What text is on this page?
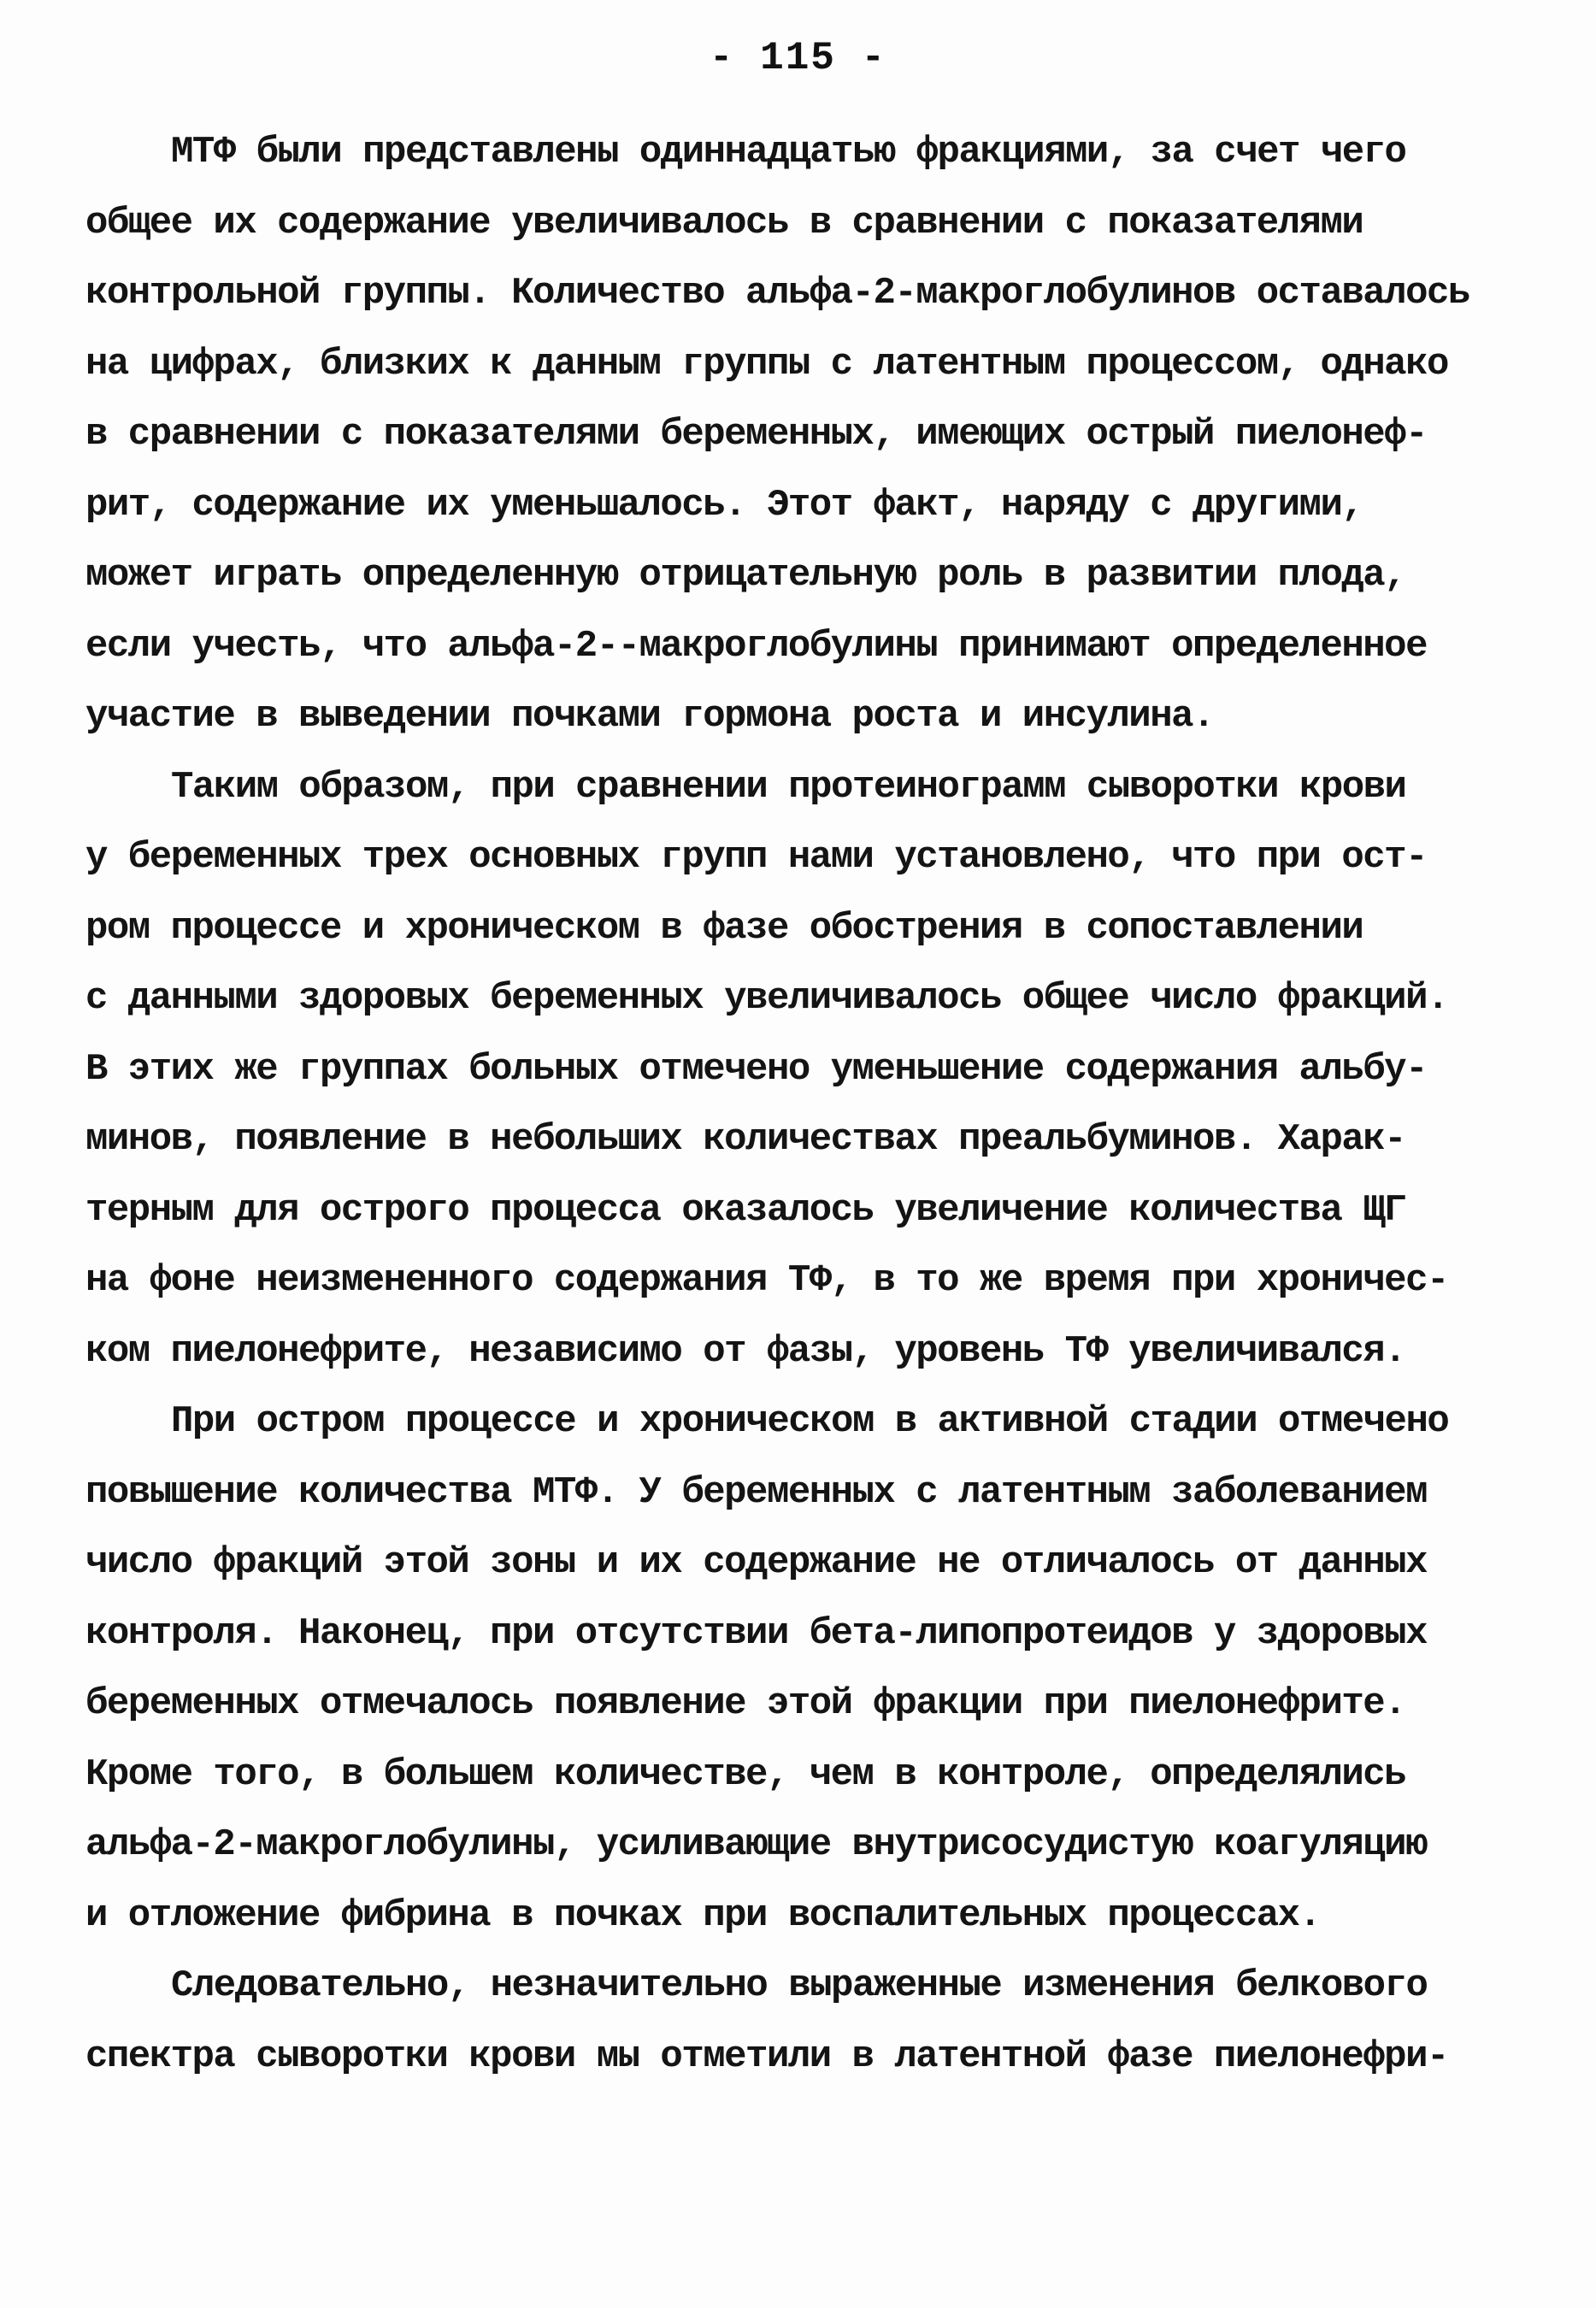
- 115 -
МТФ были представлены одиннадцатью фракциями, за счет чего
общее их содержание увеличивалось в сравнении с показателями
контрольной группы. Количество альфа-2-макроглобулинов оставалось
на цифрах, близких к данным группы с латентным процессом, однако
в сравнении с показателями беременных, имеющих острый пиелонеф-
рит, содержание их уменьшалось. Этот факт, наряду с другими,
может играть определенную отрицательную роль в развитии плода,
если учесть, что альфа-2--макроглобулины принимают определенное
участие в выведении почками гормона роста и инсулина.
Таким образом, при сравнении протеинограмм сыворотки крови
у беременных трех основных групп нами установлено, что при ост-
ром процессе и хроническом в фазе обострения в сопоставлении
с данными здоровых беременных увеличивалось общее число фракций.
В этих же группах больных отмечено уменьшение содержания альбу-
минов, появление в небольших количествах преальбуминов. Харак-
терным для острого процесса оказалось увеличение количества ЩГ
на фоне неизмененного содержания ТФ, в то же время при хроничес-
ком пиелонефрите, независимо от фазы, уровень ТФ увеличивался.
При остром процессе и хроническом в активной стадии отмечено
повышение количества МТФ. У беременных с латентным заболеванием
число фракций этой зоны и их содержание не отличалось от данных
контроля. Наконец, при отсутствии бета-липопротеидов у здоровых
беременных отмечалось появление этой фракции при пиелонефрите.
Кроме того, в большем количестве, чем в контроле, определялись
альфа-2-макроглобулины, усиливающие внутрисосудистую коагуляцию
и отложение фибрина в почках при воспалительных процессах.
Следовательно, незначительно выраженные изменения белкового
спектра сыворотки крови мы отметили в латентной фазе пиелонефри-
